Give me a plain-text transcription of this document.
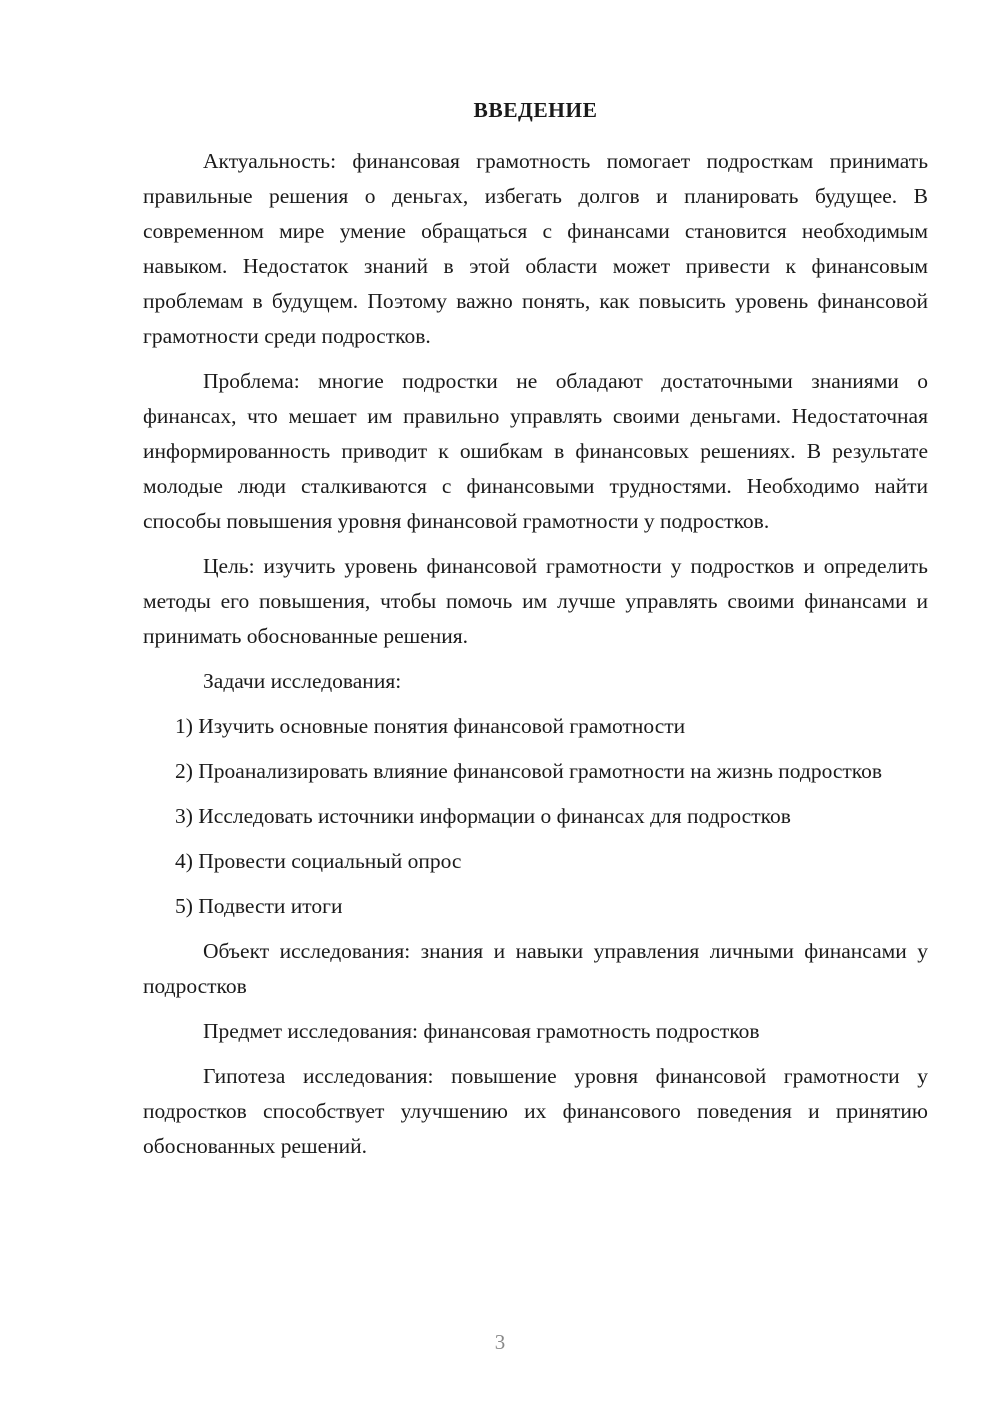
ВВЕДЕНИЕ

Актуальность: финансовая грамотность помогает подросткам принимать правильные решения о деньгах, избегать долгов и планировать будущее. В современном мире умение обращаться с финансами становится необходимым навыком. Недостаток знаний в этой области может привести к финансовым проблемам в будущем. Поэтому важно понять, как повысить уровень финансовой грамотности среди подростков.

Проблема: многие подростки не обладают достаточными знаниями о финансах, что мешает им правильно управлять своими деньгами. Недостаточная информированность приводит к ошибкам в финансовых решениях. В результате молодые люди сталкиваются с финансовыми трудностями. Необходимо найти способы повышения уровня финансовой грамотности у подростков.

Цель: изучить уровень финансовой грамотности у подростков и определить методы его повышения, чтобы помочь им лучше управлять своими финансами и принимать обоснованные решения.

Задачи исследования:

1) Изучить основные понятия финансовой грамотности

2) Проанализировать влияние финансовой грамотности на жизнь подростков

3) Исследовать источники информации о финансах для подростков

4) Провести социальный опрос

5) Подвести итоги

Объект исследования: знания и навыки управления личными финансами у подростков

Предмет исследования: финансовая грамотность подростков

Гипотеза исследования: повышение уровня финансовой грамотности у подростков способствует улучшению их финансового поведения и принятию обоснованных решений.

3
